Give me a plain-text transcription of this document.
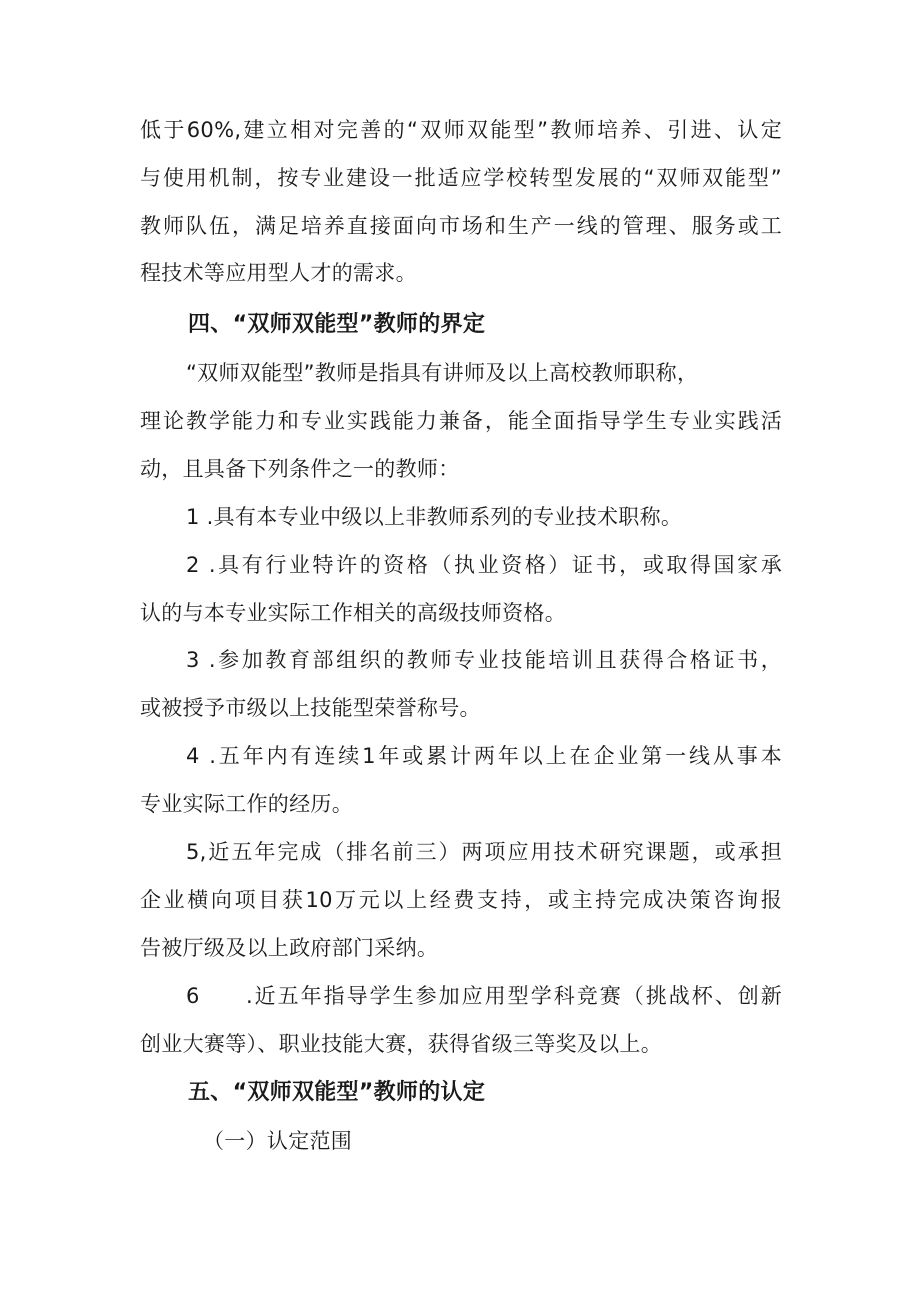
低于60%,建立相对完善的“双师双能型”教师培养、引进、认定
与使用机制，按专业建设一批适应学校转型发展的“双师双能型”
教师队伍，满足培养直接面向市场和生产一线的管理、服务或工
程技术等应用型人才的需求。
四、“双师双能型”教师的界定
“双师双能型”教师是指具有讲师及以上高校教师职称，
理论教学能力和专业实践能力兼备，能全面指导学生专业实践活
动，且具备下列条件之一的教师：
1 .具有本专业中级以上非教师系列的专业技术职称。
2 .具有行业特许的资格（执业资格）证书，或取得国家承
认的与本专业实际工作相关的高级技师资格。
3 .参加教育部组织的教师专业技能培训且获得合格证书，
或被授予市级以上技能型荣誉称号。
4 .五年内有连续1年或累计两年以上在企业第一线从事本
专业实际工作的经历。
5,近五年完成（排名前三）两项应用技术研究课题，或承担
企业横向项目获10万元以上经费支持，或主持完成决策咨询报
告被厅级及以上政府部门采纳。
6 .近五年指导学生参加应用型学科竞赛（挑战杯、创新
创业大赛等）、职业技能大赛，获得省级三等奖及以上。
五、“双师双能型”教师的认定
（一）认定范围
